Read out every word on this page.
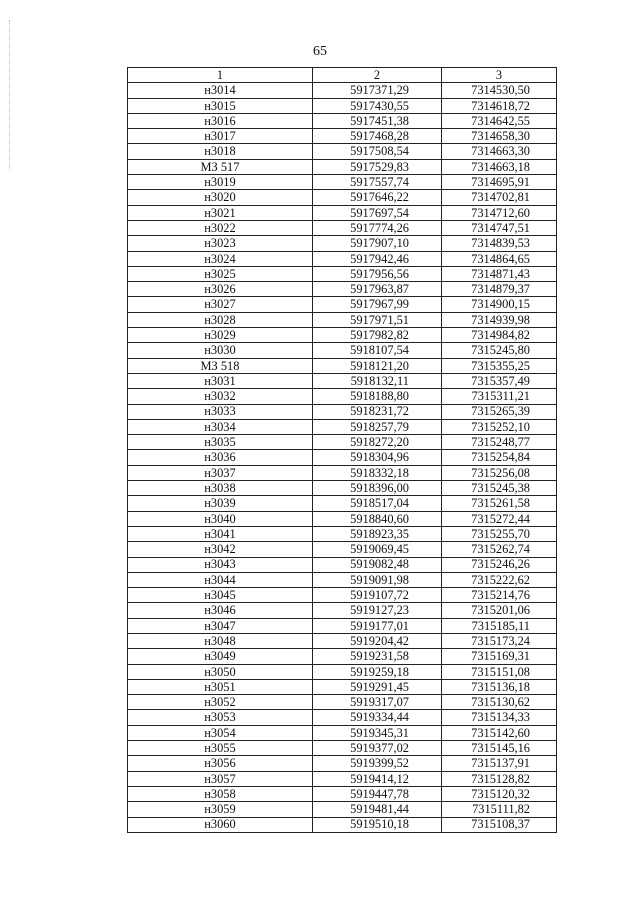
65
1	2	3
н3014	5917371,29	7314530,50
н3015	5917430,55	7314618,72
н3016	5917451,38	7314642,55
н3017	5917468,28	7314658,30
н3018	5917508,54	7314663,30
МЗ 517	5917529,83	7314663,18
н3019	5917557,74	7314695,91
н3020	5917646,22	7314702,81
н3021	5917697,54	7314712,60
н3022	5917774,26	7314747,51
н3023	5917907,10	7314839,53
н3024	5917942,46	7314864,65
н3025	5917956,56	7314871,43
н3026	5917963,87	7314879,37
н3027	5917967,99	7314900,15
н3028	5917971,51	7314939,98
н3029	5917982,82	7314984,82
н3030	5918107,54	7315245,80
МЗ 518	5918121,20	7315355,25
н3031	5918132,11	7315357,49
н3032	5918188,80	7315311,21
н3033	5918231,72	7315265,39
н3034	5918257,79	7315252,10
н3035	5918272,20	7315248,77
н3036	5918304,96	7315254,84
н3037	5918332,18	7315256,08
н3038	5918396,00	7315245,38
н3039	5918517,04	7315261,58
н3040	5918840,60	7315272,44
н3041	5918923,35	7315255,70
н3042	5919069,45	7315262,74
н3043	5919082,48	7315246,26
н3044	5919091,98	7315222,62
н3045	5919107,72	7315214,76
н3046	5919127,23	7315201,06
н3047	5919177,01	7315185,11
н3048	5919204,42	7315173,24
н3049	5919231,58	7315169,31
н3050	5919259,18	7315151,08
н3051	5919291,45	7315136,18
н3052	5919317,07	7315130,62
н3053	5919334,44	7315134,33
н3054	5919345,31	7315142,60
н3055	5919377,02	7315145,16
н3056	5919399,52	7315137,91
н3057	5919414,12	7315128,82
н3058	5919447,78	7315120,32
н3059	5919481,44	7315111,82
н3060	5919510,18	7315108,37
